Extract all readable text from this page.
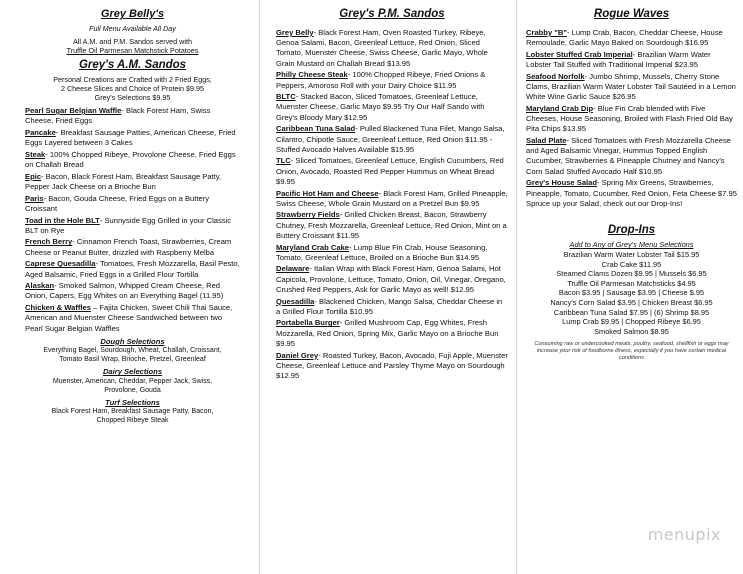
Grey Belly's

Full Menu Available All Day

All A.M. and P.M. Sandos served with

Truffle Oil Parmesan Matchstick Potatoes

Grey's A.M. Sandos

Personal Creations are Crafted with 2 Fried Eggs,

2 Cheese Slices and Choice of Protein $9.95

Grey's Selections $9.95

Pearl Sugar Belgian Waffle- Black Forest Ham, Swiss Cheese, Fried Eggs

Pancake- Breakfast Sausage Patties, American Cheese, Fried Eggs Layered between 3 Cakes

Steak- 100% Chopped Ribeye, Provolone Cheese, Fried Eggs on Challah Bread

Epic- Bacon, Black Forest Ham, Breakfast Sausage Patty, Pepper Jack Cheese on a Brioche Bun

Paris- Bacon, Gouda Cheese, Fried Eggs on a Buttery Croissant

Toad in the Hole BLT- Sunnyside Egg Grilled in your Classic BLT on Rye

French Berry- Cinnamon French Toast, Strawberries, Cream Cheese or Peanut Butter, drizzled with Raspberry Melba

Caprese Quesadilla- Tomatoes, Fresh Mozzarella, Basil Pesto, Aged Balsamic, Fried Eggs in a Grilled Flour Tortilla

Alaskan- Smoked Salmon, Whipped Cream Cheese, Red Onion, Capers, Egg Whites on an Everything Bagel (11.95)

Chicken & Waffles – Fajita Chicken, Sweet Chili Thai Sauce, American and Muenster Cheese Sandwiched between two Pearl Sugar Belgian Waffles

Dough Selections

Everything Bagel, Sourdough, Wheat, Challah, Croissant,

Tomato Basil Wrap, Brioche, Pretzel, Greenleaf

Dairy Selections

Muenster, American, Cheddar, Pepper Jack, Swiss,

Provolone, Gouda

Turf Selections

Black Forest Ham, Breakfast Sausage Patty, Bacon,

Chopped Ribeye Steak

Grey's P.M. Sandos

Grey Belly- Black Forest Ham, Oven Roasted Turkey, Ribeye, Genoa Salami, Bacon, Greenleaf Lettuce, Red Onion, Sliced Tomato, Muenster Cheese, Swiss Cheese, Garlic Mayo, Whole Grain Mustard on Challah Bread $13.95

Philly Cheese Steak- 100% Chopped Ribeye, Fried Onions & Peppers, Amoroso Roll with your Dairy Choice $11.95

BLTC- Stacked Bacon, Sliced Tomatoes, Greenleaf Lettuce, Muenster Cheese, Garlic Mayo $9.95 Try Our Half Sando with Grey's Bloody Mary $12.95

Caribbean Tuna Salad- Pulled Blackened Tuna Filet, Mango Salsa, Cilantro, Chipotle Sauce, Greenleaf Lettuce, Red Onion $11.95 - Stuffed Avocado Halves Available $15.95

TLC- Sliced Tomatoes, Greenleaf Lettuce, English Cucumbers, Red Onion, Avocado, Roasted Red Pepper Hummus on Wheat Bread $9.95

Pacific Hot Ham and Cheese- Black Forest Ham, Grilled Pineapple, Swiss Cheese, Whole Grain Mustard on a Pretzel Bun $9.95

Strawberry Fields- Grilled Chicken Breast, Bacon, Strawberry Chutney, Fresh Mozzarella, Greenleaf Lettuce, Red Onion, Mint on a Buttery Croissant $11.95

Maryland Crab Cake- Lump Blue Fin Crab, House Seasoning, Tomato, Greenleaf Lettuce, Broiled on a Brioche Bun $14.95

Delaware- Italian Wrap with Black Forest Ham, Genoa Salami, Hot Capicola, Provolone, Lettuce, Tomato, Onion, Oil, Vinegar, Oregano, Crushed Red Peppers, Ask for Garlic Mayo as well! $12.95

Quesadilla- Blackened Chicken, Mango Salsa, Cheddar Cheese in a Grilled Flour Tortilla $10.95

Portabella Burger- Grilled Mushroom Cap, Egg Whites, Fresh Mozzarella, Red Onion, Spring Mix, Garlic Mayo on a Brioche Bun $9.95

Daniel Grey- Roasted Turkey, Bacon, Avocado, Fuji Apple, Muenster Cheese, Greenleaf Lettuce and Parsley Thyme Mayo on Sourdough $12.95

Rogue Waves

Crabby "B"- Lump Crab, Bacon, Cheddar Cheese, House Remoulade, Garlic Mayo Baked on Sourdough $16.95

Lobster Stuffed Crab Imperial- Brazilian Warm Water Lobster Tail Stuffed with Traditional Imperial $23.95

Seafood Norfolk- Jumbo Shrimp, Mussels, Cherry Stone Clams, Brazilian Warm Water Lobster Tail Sautéed in a Lemon White Wine Garlic Sauce $26.95

Maryland Crab Dip- Blue Fin Crab blended with Five Cheeses, House Seasoning, Broiled with Flash Fried Old Bay Pita Chips $13.95

Salad Plate- Sliced Tomatoes with Fresh Mozzarella Cheese and Aged Balsamic Vinegar, Hummus Topped English Cucumber, Strawberries & Pineapple Chutney and Nancy's Corn Salad Stuffed Avocado Half $10.95

Grey's House Salad- Spring Mix Greens, Strawberries, Pineapple, Tomato, Cucumber, Red Onion, Feta Cheese $7.95 Spruce up your Salad, check out our Drop-Ins!

Drop-Ins

Add to Any of Grey's Menu Selections

Brazilian Warm Water Lobster Tail $15.95

Crab Cake $11.95

Steamed Clams Dozen $9.95 | Mussels $6.95

Truffle Oil Parmesan Matchsticks $4.95

Bacon $3.95 | Sausage $3.95 | Cheese $.95

Nancy's Corn Salad $3.95 | Chicken Breast $6.95

Caribbean Tuna Salad $7.95 | (6) Shrimp $8.95

Lump Crab $9.95 | Chopped Ribeye $6.95

Smoked Salmon $8.95

Consuming raw or undercooked meats, poultry, seafood, shellfish or eggs may increase your risk of foodborne illness, especially if you have certain medical conditions

menupix
